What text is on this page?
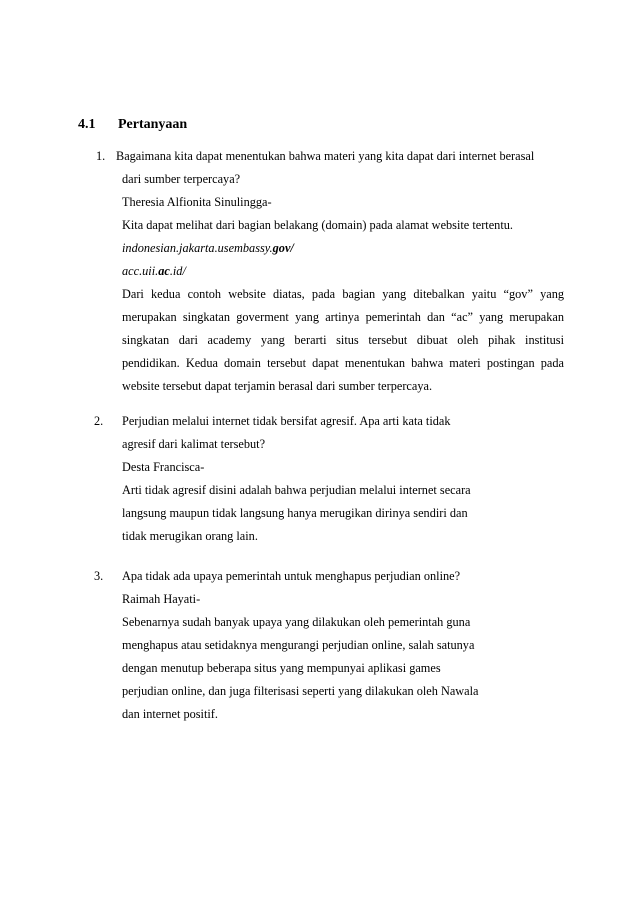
4.1 Pertanyaan
1. Bagaimana kita dapat menentukan bahwa materi yang kita dapat dari internet berasal
dari sumber terpercaya?
Theresia Alfionita Sinulingga-
Kita dapat melihat dari bagian belakang (domain) pada alamat website tertentu.
indonesian.jakarta.usembassy.gov/
acc.uii.ac.id/
Dari kedua contoh website diatas, pada bagian yang ditebalkan yaitu “gov” yang
merupakan singkatan goverment yang artinya pemerintah dan “ac” yang merupakan
singkatan dari academy yang berarti situs tersebut dibuat oleh pihak institusi
pendidikan. Kedua domain tersebut dapat menentukan bahwa materi postingan pada
website tersebut dapat terjamin berasal dari sumber terpercaya.
2. Perjudian melalui internet tidak bersifat agresif. Apa arti kata tidak
agresif dari kalimat tersebut?
Desta Francisca-
Arti tidak agresif disini adalah bahwa perjudian melalui internet secara
langsung maupun tidak langsung hanya merugikan dirinya sendiri dan
tidak merugikan orang lain.
3. Apa tidak ada upaya pemerintah untuk menghapus perjudian online?
Raimah Hayati-
Sebenarnya sudah banyak upaya yang dilakukan oleh pemerintah guna
menghapus atau setidaknya mengurangi perjudian online, salah satunya
dengan menutup beberapa situs yang mempunyai aplikasi games
perjudian online, dan juga filterisasi seperti yang dilakukan oleh Nawala
dan internet positif.
